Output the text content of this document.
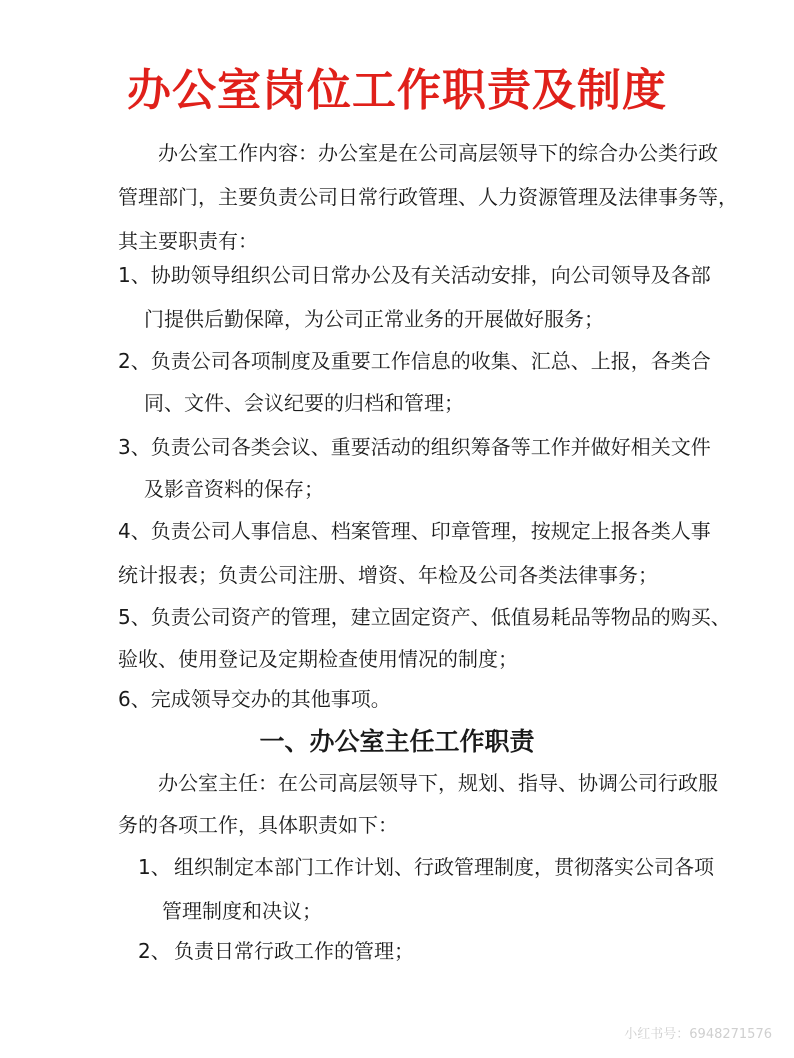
办公室岗位工作职责及制度

办公室工作内容：办公室是在公司高层领导下的综合办公类行政

管理部门，主要负责公司日常行政管理、人力资源管理及法律事务等，

其主要职责有：

1、协助领导组织公司日常办公及有关活动安排，向公司领导及各部

门提供后勤保障，为公司正常业务的开展做好服务；

2、负责公司各项制度及重要工作信息的收集、汇总、上报，各类合

同、文件、会议纪要的归档和管理；

3、负责公司各类会议、重要活动的组织筹备等工作并做好相关文件

及影音资料的保存；

4、负责公司人事信息、档案管理、印章管理，按规定上报各类人事

统计报表；负责公司注册、增资、年检及公司各类法律事务；

5、负责公司资产的管理，建立固定资产、低值易耗品等物品的购买、

验收、使用登记及定期检查使用情况的制度；

6、完成领导交办的其他事项。

一、办公室主任工作职责

办公室主任：在公司高层领导下，规划、指导、协调公司行政服

务的各项工作，具体职责如下：

1、 组织制定本部门工作计划、行政管理制度，贯彻落实公司各项

管理制度和决议；

2、 负责日常行政工作的管理；
小红书号：6948271576
